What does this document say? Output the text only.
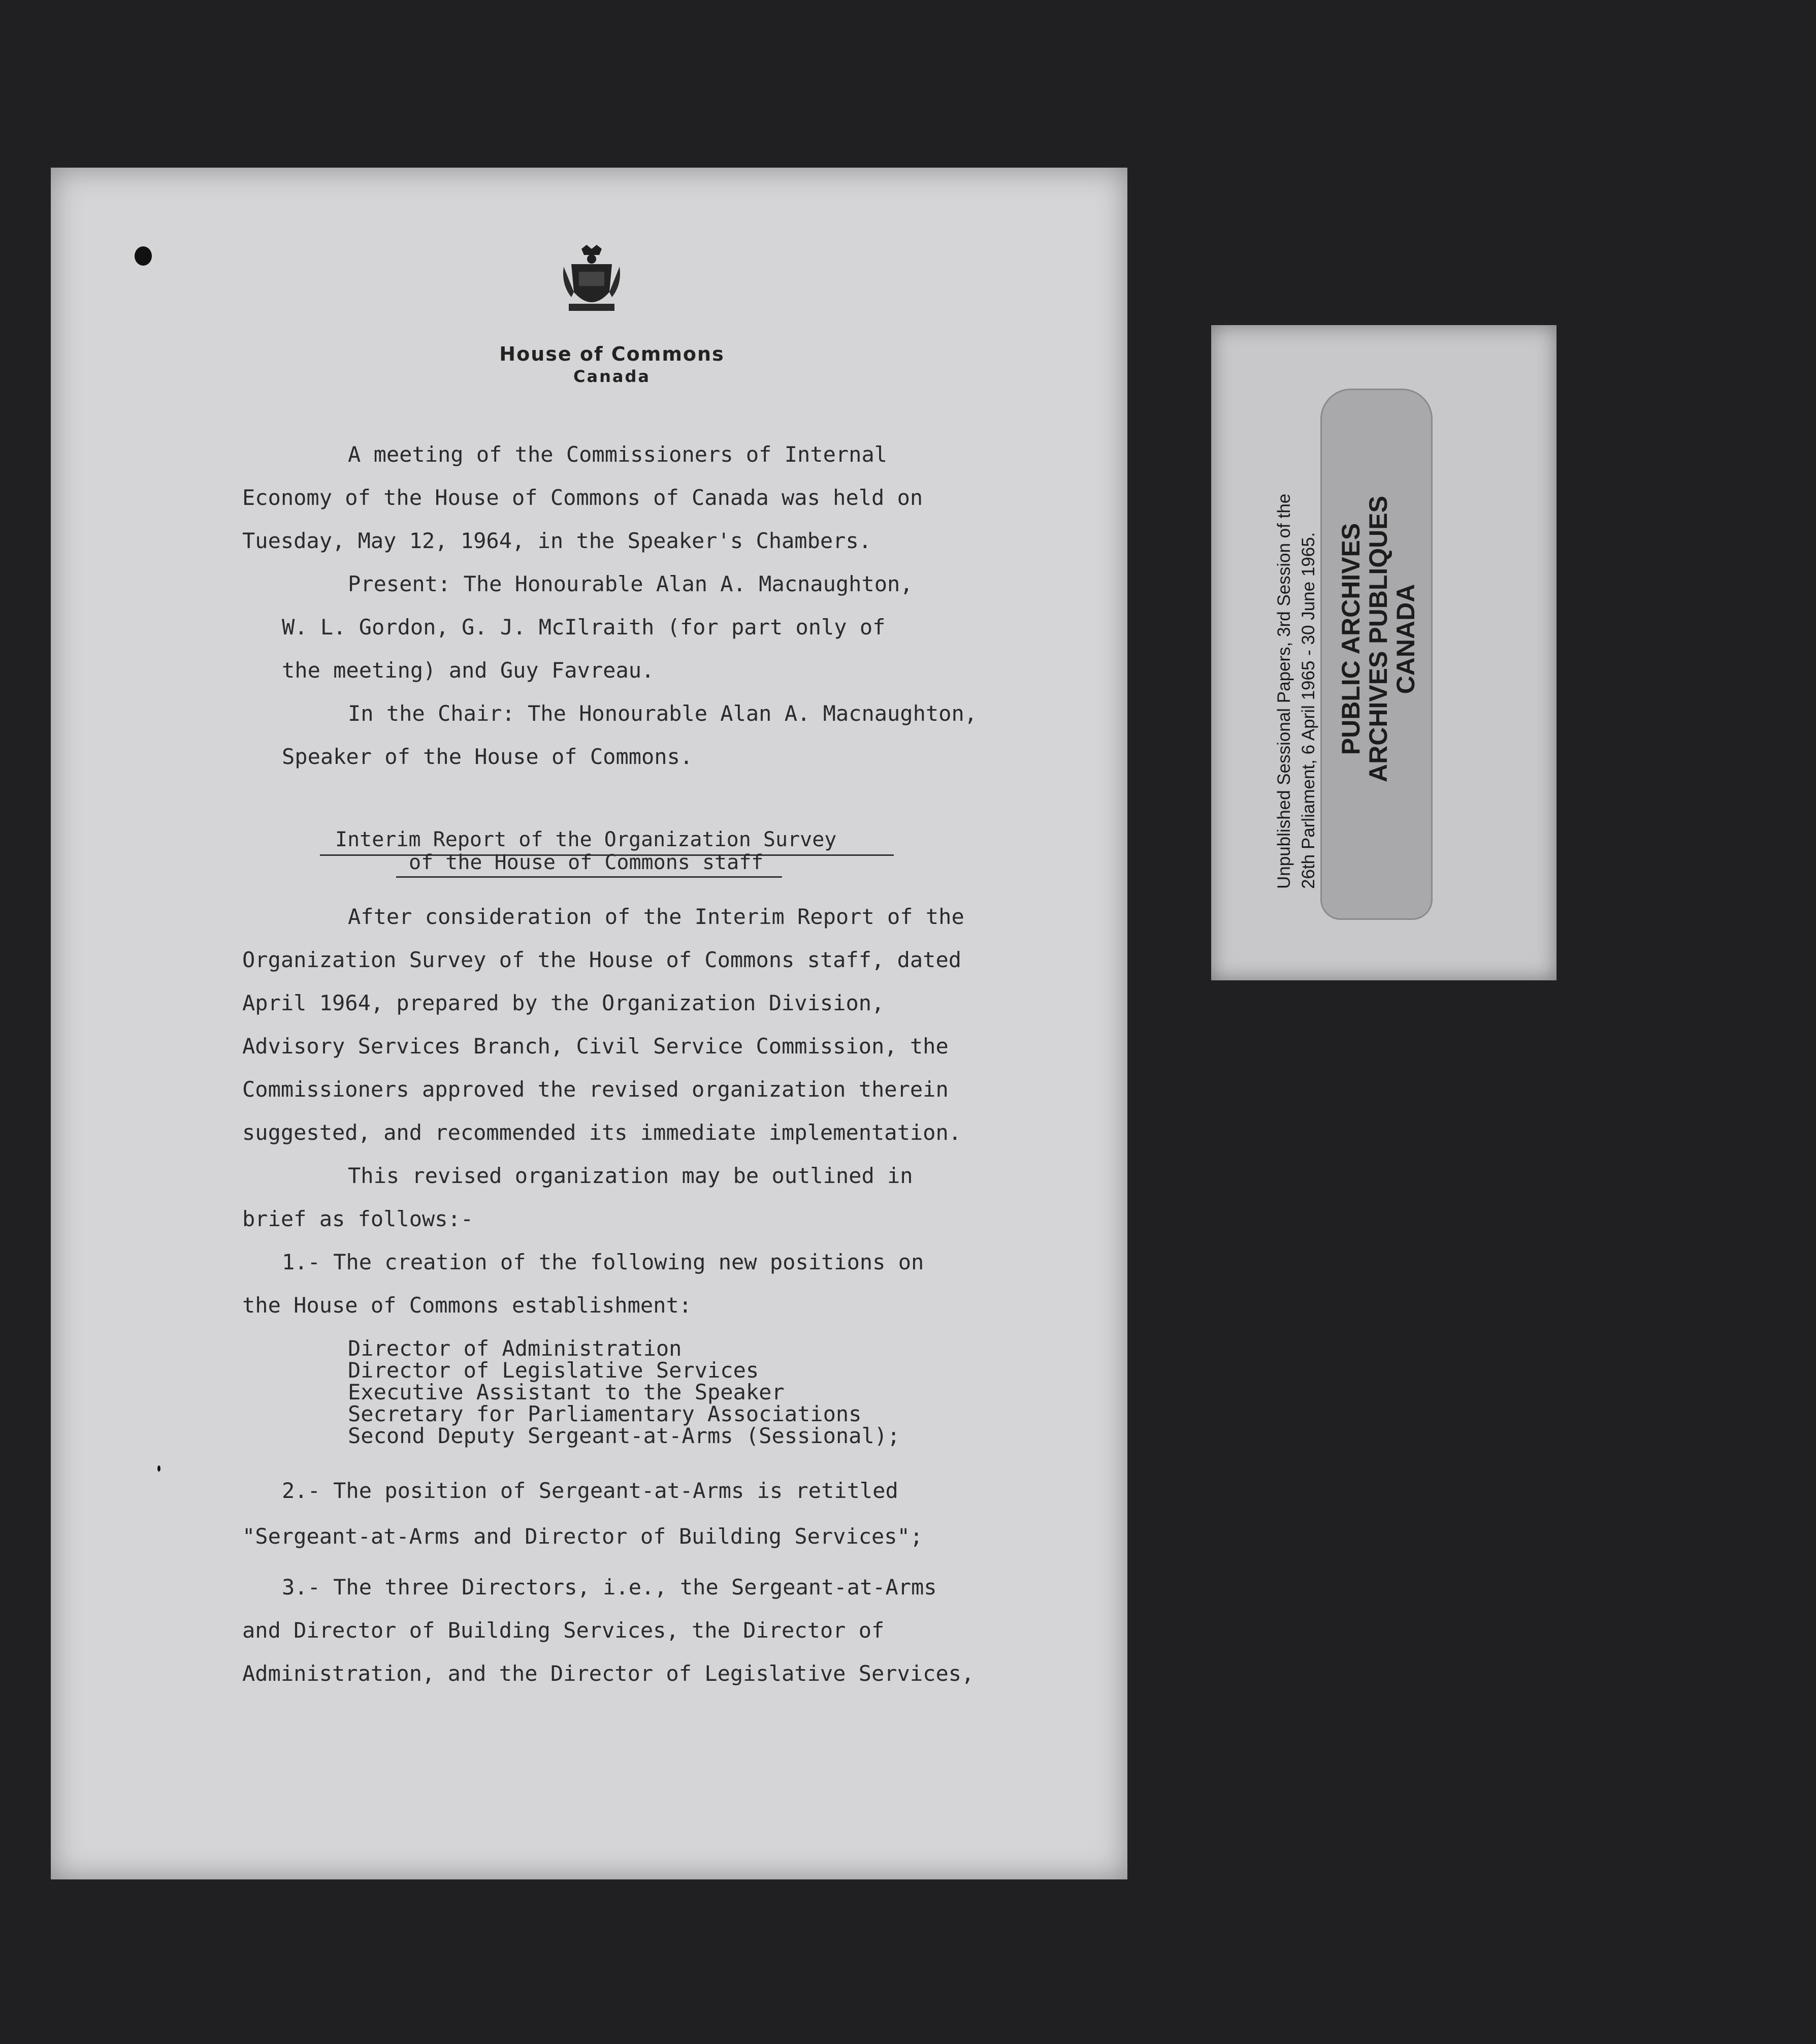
House of Commons
Canada
A meeting of the Commissioners of Internal
Economy of the House of Commons of Canada was held on
Tuesday, May 12, 1964, in the Speaker's Chambers.
Present: The Honourable Alan A. Macnaughton,
W. L. Gordon, G. J. McIlraith (for part only of
the meeting) and Guy Favreau.
In the Chair: The Honourable Alan A. Macnaughton,
Speaker of the House of Commons.
Interim Report of the Organization Survey
of the House of Commons staff
After consideration of the Interim Report of the
Organization Survey of the House of Commons staff, dated
April 1964, prepared by the Organization Division,
Advisory Services Branch, Civil Service Commission, the
Commissioners approved the revised organization therein
suggested, and recommended its immediate implementation.
This revised organization may be outlined in
brief as follows:-
1.- The creation of the following new positions on
the House of Commons establishment:
Director of Administration
Director of Legislative Services
Executive Assistant to the Speaker
Secretary for Parliamentary Associations
Second Deputy Sergeant-at-Arms (Sessional);
2.- The position of Sergeant-at-Arms is retitled
"Sergeant-at-Arms and Director of Building Services";
3.- The three Directors, i.e., the Sergeant-at-Arms
and Director of Building Services, the Director of
Administration, and the Director of Legislative Services,
Unpublished Sessional Papers, 3rd Session of the 26th Parliament, 6 April 1965 - 30 June 1965. PUBLIC ARCHIVES
ARCHIVES PUBLIQUES
CANADA
